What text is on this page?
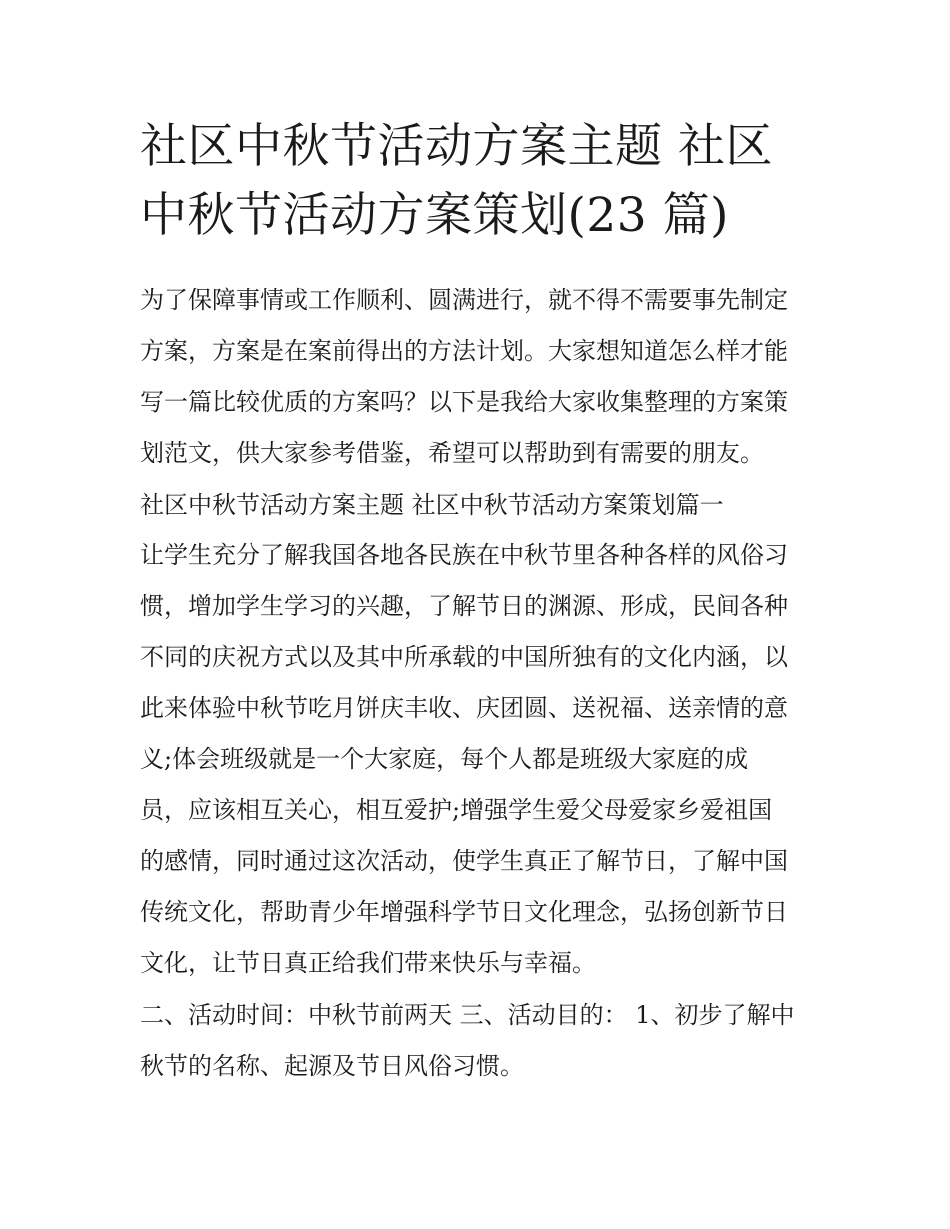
社区中秋节活动方案主题 社区
中秋节活动方案策划(23 篇)

为了保障事情或工作顺利、圆满进行，就不得不需要事先制定
方案，方案是在案前得出的方法计划。大家想知道怎么样才能
写一篇比较优质的方案吗？以下是我给大家收集整理的方案策
划范文，供大家参考借鉴，希望可以帮助到有需要的朋友。

社区中秋节活动方案主题 社区中秋节活动方案策划篇一

让学生充分了解我国各地各民族在中秋节里各种各样的风俗习
惯，增加学生学习的兴趣，了解节日的渊源、形成，民间各种
不同的庆祝方式以及其中所承载的中国所独有的文化内涵，以
此来体验中秋节吃月饼庆丰收、庆团圆、送祝福、送亲情的意
义;体会班级就是一个大家庭，每个人都是班级大家庭的成
员，应该相互关心，相互爱护;增强学生爱父母爱家乡爱祖国
的感情，同时通过这次活动，使学生真正了解节日，了解中国
传统文化，帮助青少年增强科学节日文化理念，弘扬创新节日
文化，让节日真正给我们带来快乐与幸福。

二、活动时间：中秋节前两天 三、活动目的： 1、初步了解中
秋节的名称、起源及节日风俗习惯。
